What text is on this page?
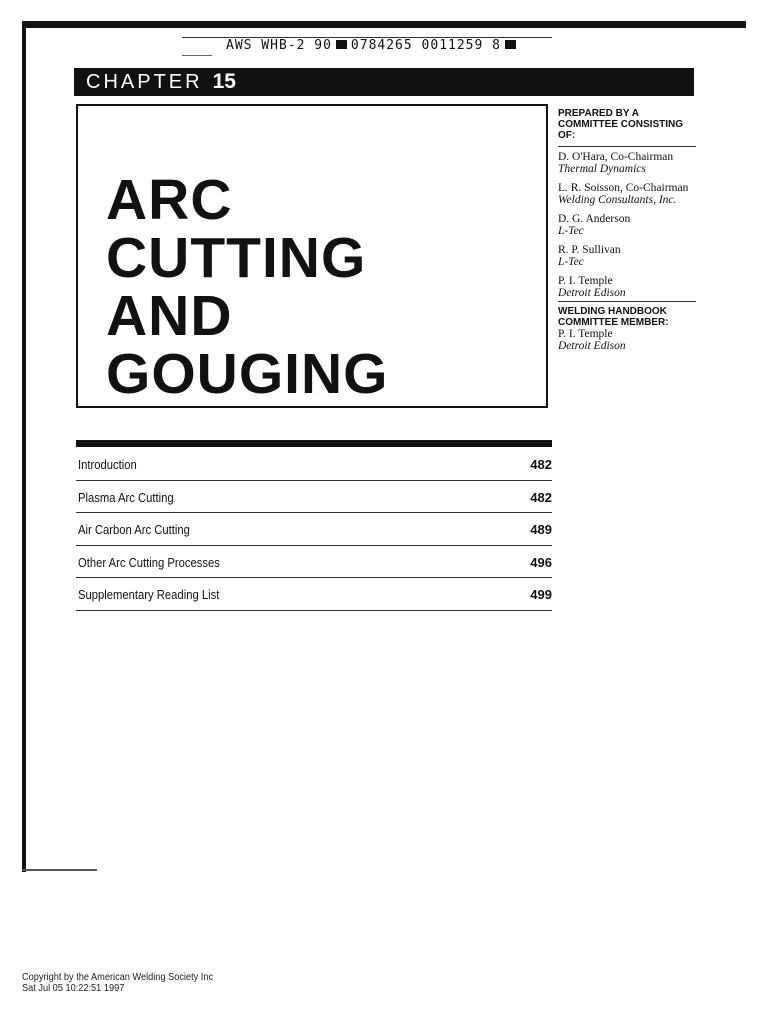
AWS WHB-2 90 0784265 0011259 8
CHAPTER 15
ARC
CUTTING
AND
GOUGING
PREPARED BY A COMMITTEE CONSISTING OF:
D. O'Hara, Co-Chairman
Thermal Dynamics
L. R. Soisson, Co-Chairman
Welding Consultants, Inc.
D. G. Anderson
L-Tec
R. P. Sullivan
L-Tec
P. I. Temple
Detroit Edison
WELDING HANDBOOK COMMITTEE MEMBER:
P. I. Temple
Detroit Edison
Introduction	482
Plasma Arc Cutting	482
Air Carbon Arc Cutting	489
Other Arc Cutting Processes	496
Supplementary Reading List	499
Copyright by the American Welding Society Inc
Sat Jul 05 10:22:51 1997
